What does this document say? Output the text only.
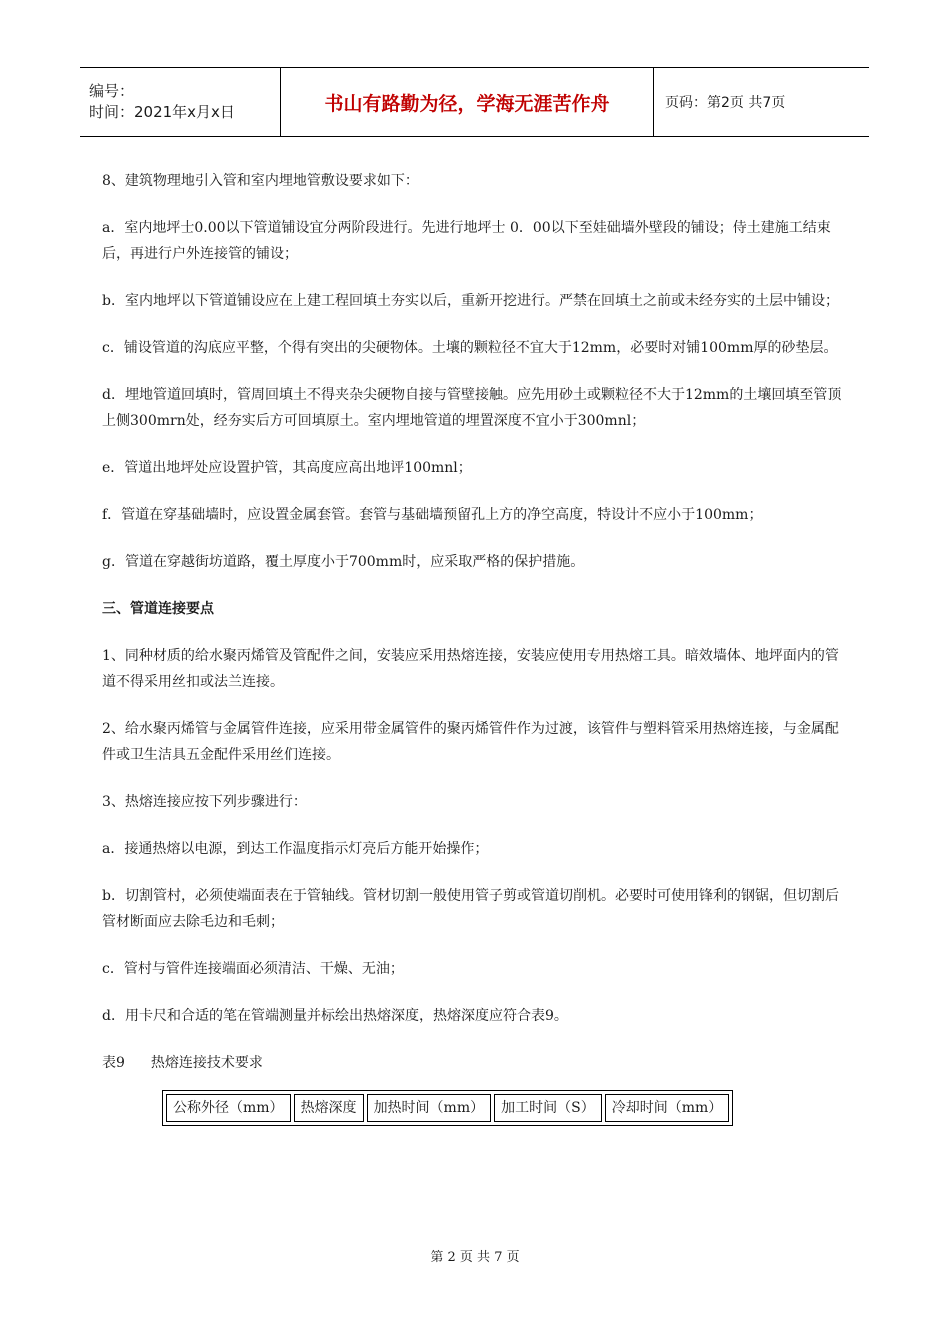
编号：
时间：2021年x月x日	书山有路勤为径，学海无涯苦作舟	页码：第2页 共7页

8、建筑物理地引入管和室内埋地管敷设要求如下：

a．室内地坪士0.00以下管道铺设宜分两阶段进行。先进行地坪士 0．00以下至娃础墙外壁段的铺设；侍土建施工结束后，再进行户外连接管的铺设；

b．室内地坪以下管道铺设应在上建工程回填土夯实以后，重新开挖进行。严禁在回填土之前或未经夯实的土层中铺设；

c．铺设管道的沟底应平整，个得有突出的尖硬物体。土壤的颗粒径不宜大于12mm，必要时对铺100mm厚的砂垫层。

d．埋地管道回填时，管周回填土不得夹杂尖硬物自接与管壁接触。应先用砂土或颗粒径不大于12mm的土壤回填至管顶上侧300mrn处，经夯实后方可回填原土。室内埋地管道的埋置深度不宜小于300mnl；

e．管道出地坪处应设置护管，其高度应高出地评100mnl；

f．管道在穿基础墙时，应设置金属套管。套管与基础墙预留孔上方的净空高度，特设计不应小于100mm；

g．管道在穿越街坊道路，覆土厚度小于700mm时，应采取严格的保护措施。

三、管道连接要点

1、同种材质的给水聚丙烯管及管配件之间，安装应采用热熔连接，安装应使用专用热熔工具。暗效墙体、地坪面内的管道不得采用丝扣或法兰连接。

2、给水聚丙烯管与金属管件连接，应采用带金属管件的聚丙烯管件作为过渡，该管件与塑料管采用热熔连接，与金属配件或卫生洁具五金配件采用丝们连接。

3、热熔连接应按下列步骤进行：

a．接通热熔以电源，到达工作温度指示灯亮后方能开始操作；

b．切割管村，必须使端面表在于管轴线。管材切割一般使用管子剪或管道切削机。必要时可使用锋利的钢锯，但切割后管材断面应去除毛边和毛刺；

c．管村与管件连接端面必须清洁、干燥、无油；

d．用卡尺和合适的笔在管端测量并标绘出热熔深度，热熔深度应符合表9。

表9 热熔连接技术要求

公称外径（mm）	热熔深度	加热时间（mm）	加工时间（S）	冷却时间（mm）
第 2 页 共 7 页
